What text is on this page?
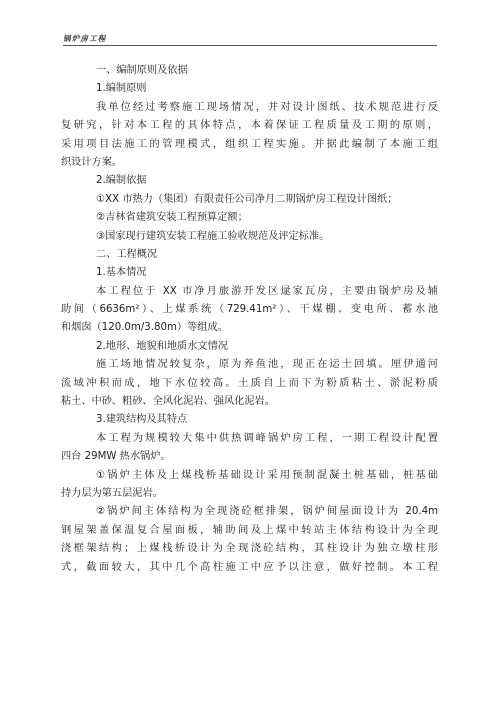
锅炉房工程
一、编制原则及依据
1.编制原则
我单位经过考察施工现场情况，并对设计图纸、技术规范进行反
复研究，针对本工程的具体特点，本着保证工程质量及工期的原则，
采用项目法施工的管理模式，组织工程实施。并据此编制了本施工组
织设计方案。
2.编制依据
①XX 市热力（集团）有限责任公司净月二期锅炉房工程设计图纸；
②吉林省建筑安装工程预算定额；
③国家现行建筑安装工程施工验收规范及评定标准。
二、工程概况
1.基本情况
本工程位于 XX 市净月旅游开发区逯家瓦房，主要由锅炉房及辅
助间（6636m²）、上煤系统（729.41m²）、干煤棚、变电所、蓄水池
和烟囱（120.0m/3.80m）等组成。
2.地形、地貌和地质水文情况
施工场地情况较复杂，原为养鱼池，现正在运土回填。厘伊通河
流域冲积而成，地下水位较高。土质自上而下为粉质粘土、淤泥粉质
粘土、中砂、粗砂、全风化泥岩、强风化泥岩。
3.建筑结构及其特点
本工程为规模较大集中供热调峰锅炉房工程，一期工程设计配置
四台 29MW 热水锅炉。
①锅炉主体及上煤栈桥基础设计采用预制混凝土桩基础，桩基础
持力层为第五层泥岩。
②锅炉间主体结构为全现浇砼框排架，锅炉间屋面设计为 20.4m
钢屋架盖保温复合屋面板，辅助间及上煤中转站主体结构设计为全现
浇框架结构；上煤栈桥设计为全现浇砼结构，其柱设计为独立墩柱形
式，截面较大，其中几个高柱施工中应予以注意，做好控制。本工程
